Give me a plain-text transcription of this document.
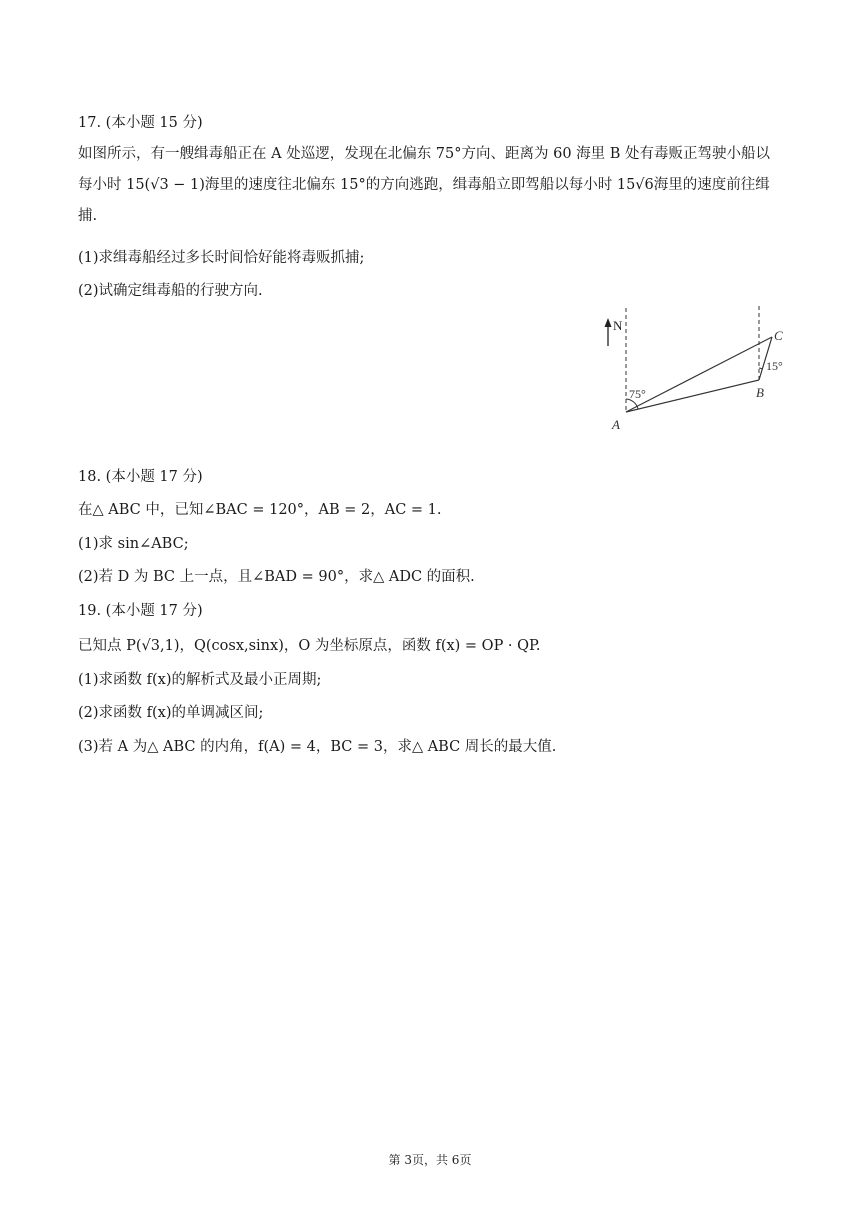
17. (本小题 15 分)
如图所示，有一艘缉毒船正在 A 处巡逻，发现在北偏东 75°方向、距离为 60 海里 B 处有毒贩正驾驶小船以每小时 15(√3 − 1)海里的速度往北偏东 15°的方向逃跑，缉毒船立即驾船以每小时 15√6海里的速度前往缉捕.
(1)求缉毒船经过多长时间恰好能将毒贩抓捕;
(2)试确定缉毒船的行驶方向.
N
75°
15°
A
B
C
18. (本小题 17 分)
在△ ABC 中，已知∠BAC = 120°，AB = 2，AC = 1.
(1)求 sin∠ABC;
(2)若 D 为 BC 上一点，且∠BAD = 90°，求△ ADC 的面积.
19. (本小题 17 分)
已知点 P(√3,1)，Q(cosx,sinx)，O 为坐标原点，函数 f(x) = OP · QP.
(1)求函数 f(x)的解析式及最小正周期;
(2)求函数 f(x)的单调减区间;
(3)若 A 为△ ABC 的内角，f(A) = 4，BC = 3，求△ ABC 周长的最大值.
第 3页，共 6页
